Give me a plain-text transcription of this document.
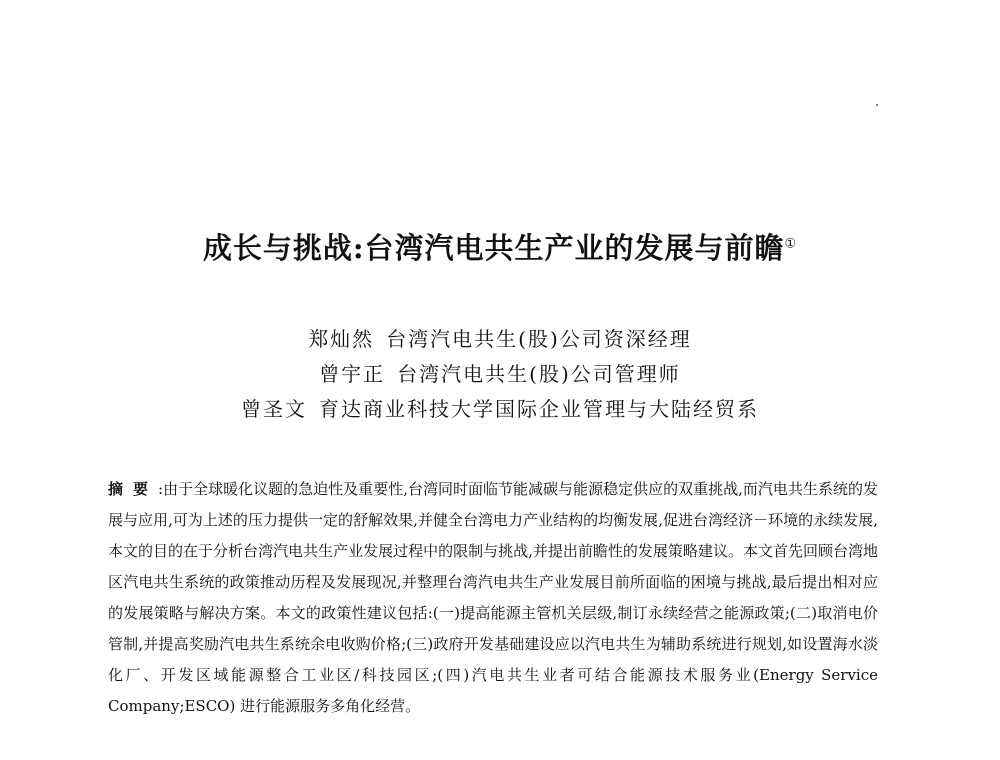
成长与挑战:台湾汽电共生产业的发展与前瞻①
郑灿然 台湾汽电共生(股)公司资深经理
曾宇正 台湾汽电共生(股)公司管理师
曾圣文 育达商业科技大学国际企业管理与大陆经贸系
摘要:由于全球暖化议题的急迫性及重要性,台湾同时面临节能减碳与能源稳定供应的双重挑战,而汽电共生系统的发展与应用,可为上述的压力提供一定的舒解效果,并健全台湾电力产业结构的均衡发展,促进台湾经济－环境的永续发展,本文的目的在于分析台湾汽电共生产业发展过程中的限制与挑战,并提出前瞻性的发展策略建议。本文首先回顾台湾地区汽电共生系统的政策推动历程及发展现况,并整理台湾汽电共生产业发展目前所面临的困境与挑战,最后提出相对应的发展策略与解决方案。本文的政策性建议包括:(一)提高能源主管机关层级,制订永续经营之能源政策;(二)取消电价管制,并提高奖励汽电共生系统余电收购价格;(三)政府开发基础建设应以汽电共生为辅助系统进行规划,如设置海水淡化厂、开发区域能源整合工业区/科技园区;(四)汽电共生业者可结合能源技术服务业(Energy Service Company;ESCO) 进行能源服务多角化经营。
